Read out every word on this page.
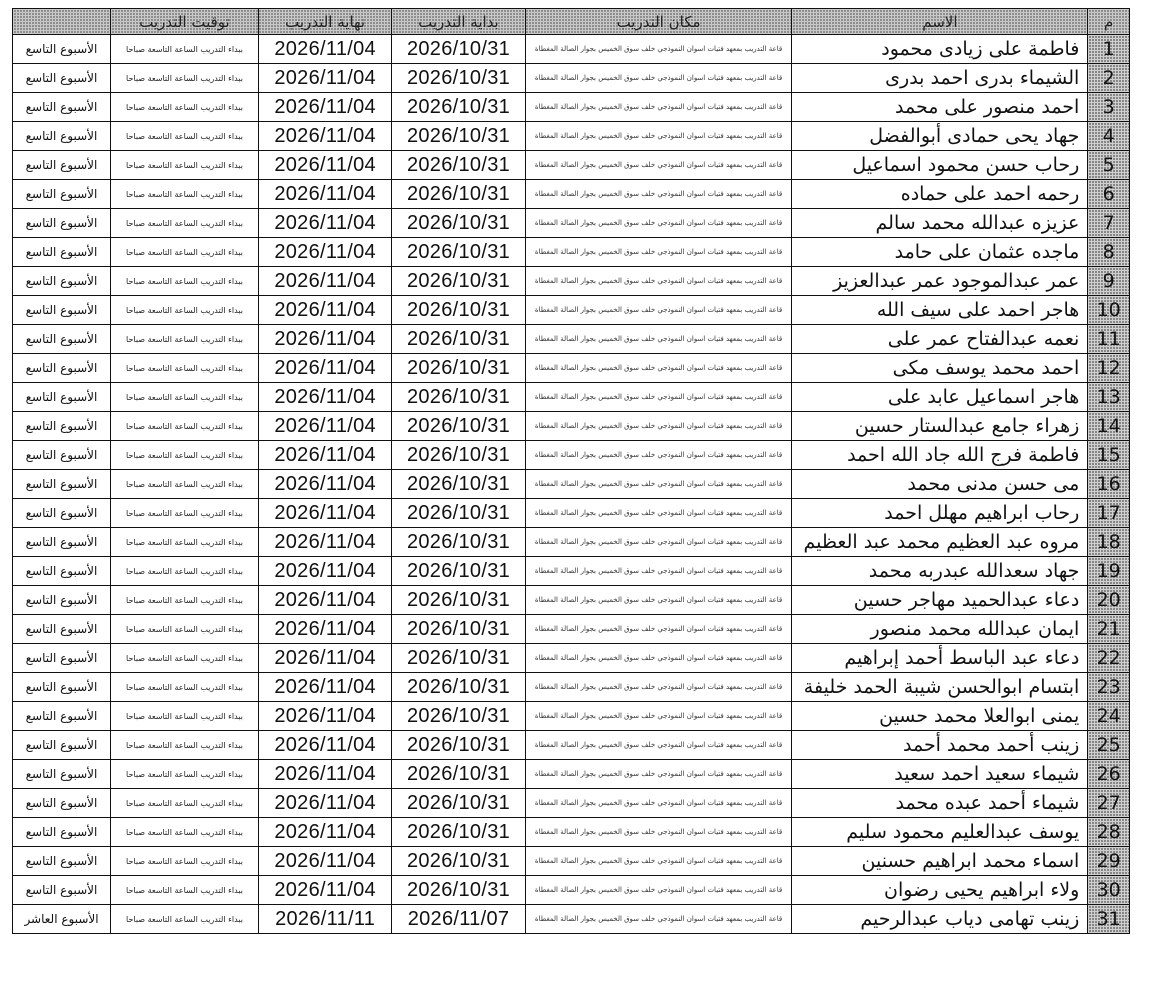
م	الاسم	مكان التدريب	بداية التدريب	نهاية التدريب	توقيت التدريب	
1	فاطمة على زيادى محمود	قاعة التدريب بمعهد فتيات اسوان النموذجي خلف سوق الخميس بجوار الصالة المغطاة	2026/10/31	2026/11/04	ببداء التدريب الساعة التاسعة صباحا	الأسبوع التاسع
2	الشيماء بدرى احمد بدرى	قاعة التدريب بمعهد فتيات اسوان النموذجي خلف سوق الخميس بجوار الصالة المغطاة	2026/10/31	2026/11/04	ببداء التدريب الساعة التاسعة صباحا	الأسبوع التاسع
3	احمد منصور على محمد	قاعة التدريب بمعهد فتيات اسوان النموذجي خلف سوق الخميس بجوار الصالة المغطاة	2026/10/31	2026/11/04	ببداء التدريب الساعة التاسعة صباحا	الأسبوع التاسع
4	جهاد يحى حمادى أبوالفضل	قاعة التدريب بمعهد فتيات اسوان النموذجي خلف سوق الخميس بجوار الصالة المغطاة	2026/10/31	2026/11/04	ببداء التدريب الساعة التاسعة صباحا	الأسبوع التاسع
5	رحاب حسن محمود اسماعيل	قاعة التدريب بمعهد فتيات اسوان النموذجي خلف سوق الخميس بجوار الصالة المغطاة	2026/10/31	2026/11/04	ببداء التدريب الساعة التاسعة صباحا	الأسبوع التاسع
6	رحمه احمد على حماده	قاعة التدريب بمعهد فتيات اسوان النموذجي خلف سوق الخميس بجوار الصالة المغطاة	2026/10/31	2026/11/04	ببداء التدريب الساعة التاسعة صباحا	الأسبوع التاسع
7	عزيزه عبدالله محمد سالم	قاعة التدريب بمعهد فتيات اسوان النموذجي خلف سوق الخميس بجوار الصالة المغطاة	2026/10/31	2026/11/04	ببداء التدريب الساعة التاسعة صباحا	الأسبوع التاسع
8	ماجده عثمان على حامد	قاعة التدريب بمعهد فتيات اسوان النموذجي خلف سوق الخميس بجوار الصالة المغطاة	2026/10/31	2026/11/04	ببداء التدريب الساعة التاسعة صباحا	الأسبوع التاسع
9	عمر عبدالموجود عمر عبدالعزيز	قاعة التدريب بمعهد فتيات اسوان النموذجي خلف سوق الخميس بجوار الصالة المغطاة	2026/10/31	2026/11/04	ببداء التدريب الساعة التاسعة صباحا	الأسبوع التاسع
10	هاجر احمد على سيف الله	قاعة التدريب بمعهد فتيات اسوان النموذجي خلف سوق الخميس بجوار الصالة المغطاة	2026/10/31	2026/11/04	ببداء التدريب الساعة التاسعة صباحا	الأسبوع التاسع
11	نعمه عبدالفتاح عمر على	قاعة التدريب بمعهد فتيات اسوان النموذجي خلف سوق الخميس بجوار الصالة المغطاة	2026/10/31	2026/11/04	ببداء التدريب الساعة التاسعة صباحا	الأسبوع التاسع
12	احمد محمد يوسف مكى	قاعة التدريب بمعهد فتيات اسوان النموذجي خلف سوق الخميس بجوار الصالة المغطاة	2026/10/31	2026/11/04	ببداء التدريب الساعة التاسعة صباحا	الأسبوع التاسع
13	هاجر اسماعيل عابد على	قاعة التدريب بمعهد فتيات اسوان النموذجي خلف سوق الخميس بجوار الصالة المغطاة	2026/10/31	2026/11/04	ببداء التدريب الساعة التاسعة صباحا	الأسبوع التاسع
14	زهراء جامع عبدالستار حسين	قاعة التدريب بمعهد فتيات اسوان النموذجي خلف سوق الخميس بجوار الصالة المغطاة	2026/10/31	2026/11/04	ببداء التدريب الساعة التاسعة صباحا	الأسبوع التاسع
15	فاطمة فرج الله جاد الله احمد	قاعة التدريب بمعهد فتيات اسوان النموذجي خلف سوق الخميس بجوار الصالة المغطاة	2026/10/31	2026/11/04	ببداء التدريب الساعة التاسعة صباحا	الأسبوع التاسع
16	مى حسن مدنى محمد	قاعة التدريب بمعهد فتيات اسوان النموذجي خلف سوق الخميس بجوار الصالة المغطاة	2026/10/31	2026/11/04	ببداء التدريب الساعة التاسعة صباحا	الأسبوع التاسع
17	رحاب ابراهيم مهلل احمد	قاعة التدريب بمعهد فتيات اسوان النموذجي خلف سوق الخميس بجوار الصالة المغطاة	2026/10/31	2026/11/04	ببداء التدريب الساعة التاسعة صباحا	الأسبوع التاسع
18	مروه عبد العظيم محمد عبد العظيم	قاعة التدريب بمعهد فتيات اسوان النموذجي خلف سوق الخميس بجوار الصالة المغطاة	2026/10/31	2026/11/04	ببداء التدريب الساعة التاسعة صباحا	الأسبوع التاسع
19	جهاد سعدالله عبدربه محمد	قاعة التدريب بمعهد فتيات اسوان النموذجي خلف سوق الخميس بجوار الصالة المغطاة	2026/10/31	2026/11/04	ببداء التدريب الساعة التاسعة صباحا	الأسبوع التاسع
20	دعاء عبدالحميد مهاجر حسين	قاعة التدريب بمعهد فتيات اسوان النموذجي خلف سوق الخميس بجوار الصالة المغطاة	2026/10/31	2026/11/04	ببداء التدريب الساعة التاسعة صباحا	الأسبوع التاسع
21	ايمان عبدالله محمد منصور	قاعة التدريب بمعهد فتيات اسوان النموذجي خلف سوق الخميس بجوار الصالة المغطاة	2026/10/31	2026/11/04	ببداء التدريب الساعة التاسعة صباحا	الأسبوع التاسع
22	دعاء عبد الباسط أحمد إبراهيم	قاعة التدريب بمعهد فتيات اسوان النموذجي خلف سوق الخميس بجوار الصالة المغطاة	2026/10/31	2026/11/04	ببداء التدريب الساعة التاسعة صباحا	الأسبوع التاسع
23	ابتسام ابوالحسن شيبة الحمد خليفة	قاعة التدريب بمعهد فتيات اسوان النموذجي خلف سوق الخميس بجوار الصالة المغطاة	2026/10/31	2026/11/04	ببداء التدريب الساعة التاسعة صباحا	الأسبوع التاسع
24	يمنى ابوالعلا محمد حسين	قاعة التدريب بمعهد فتيات اسوان النموذجي خلف سوق الخميس بجوار الصالة المغطاة	2026/10/31	2026/11/04	ببداء التدريب الساعة التاسعة صباحا	الأسبوع التاسع
25	زينب أحمد محمد أحمد	قاعة التدريب بمعهد فتيات اسوان النموذجي خلف سوق الخميس بجوار الصالة المغطاة	2026/10/31	2026/11/04	ببداء التدريب الساعة التاسعة صباحا	الأسبوع التاسع
26	شيماء سعيد احمد سعيد	قاعة التدريب بمعهد فتيات اسوان النموذجي خلف سوق الخميس بجوار الصالة المغطاة	2026/10/31	2026/11/04	ببداء التدريب الساعة التاسعة صباحا	الأسبوع التاسع
27	شيماء أحمد عبده محمد	قاعة التدريب بمعهد فتيات اسوان النموذجي خلف سوق الخميس بجوار الصالة المغطاة	2026/10/31	2026/11/04	ببداء التدريب الساعة التاسعة صباحا	الأسبوع التاسع
28	يوسف عبدالعليم محمود سليم	قاعة التدريب بمعهد فتيات اسوان النموذجي خلف سوق الخميس بجوار الصالة المغطاة	2026/10/31	2026/11/04	ببداء التدريب الساعة التاسعة صباحا	الأسبوع التاسع
29	اسماء محمد ابراهيم حسنين	قاعة التدريب بمعهد فتيات اسوان النموذجي خلف سوق الخميس بجوار الصالة المغطاة	2026/10/31	2026/11/04	ببداء التدريب الساعة التاسعة صباحا	الأسبوع التاسع
30	ولاء ابراهيم يحيى رضوان	قاعة التدريب بمعهد فتيات اسوان النموذجي خلف سوق الخميس بجوار الصالة المغطاة	2026/10/31	2026/11/04	ببداء التدريب الساعة التاسعة صباحا	الأسبوع التاسع
31	زينب تهامى دياب عبدالرحيم	قاعة التدريب بمعهد فتيات اسوان النموذجي خلف سوق الخميس بجوار الصالة المغطاة	2026/11/07	2026/11/11	ببداء التدريب الساعة التاسعة صباحا	الأسبوع العاشر
